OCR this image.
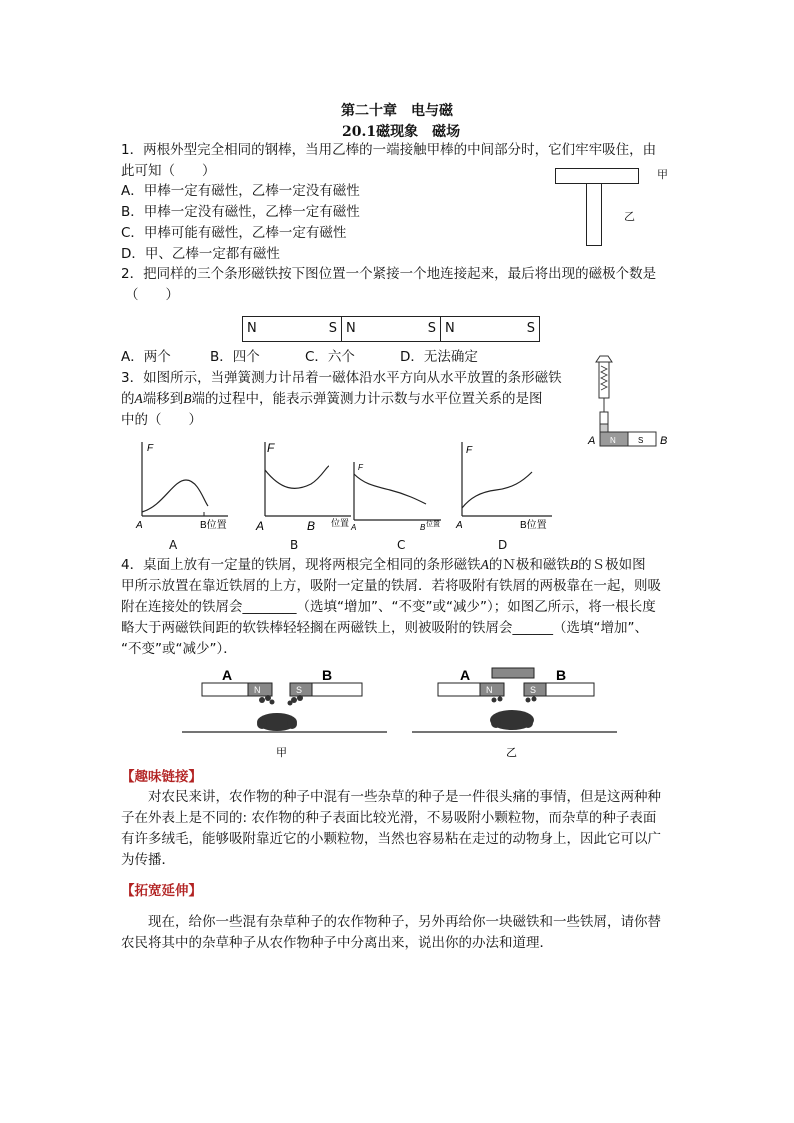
第二十章　电与磁
20.1磁现象　磁场
1．两根外型完全相同的钢棒，当用乙棒的一端接触甲棒的中间部分时，它们牢牢吸住，由
此可知（　　）
A．甲棒一定有磁性，乙棒一定没有磁性
B．甲棒一定没有磁性，乙棒一定有磁性
C．甲棒可能有磁性，乙棒一定有磁性
D．甲、乙棒一定都有磁性
甲
乙
2．把同样的三个条形磁铁按下图位置一个紧接一个地连接起来，最后将出现的磁极个数是
（　　）
N	S N	S N	S
A．两个	B．四个	C．六个	D．无法确定
3．如图所示，当弹簧测力计吊着一磁体沿水平方向从水平放置的条形磁铁
的A端移到B端的过程中，能表示弹簧测力计示数与水平位置关系的是图
中的（　　）
A N	S B
F
A	B位置
F
A	B 位置
F
A	B 位置
F
A	B位置
A	B	C	D
4．桌面上放有一定量的铁屑，现将两根完全相同的条形磁铁A的Ｎ极和磁铁B的Ｓ极如图
甲所示放置在靠近铁屑的上方，吸附一定量的铁屑．若将吸附有铁屑的两极靠在一起，则吸
附在连接处的铁屑会________（选填“增加”、“不变”或“减少”）；如图乙所示，将一根长度
略大于两磁铁间距的软铁棒轻轻搁在两磁铁上，则被吸附的铁屑会______（选填“增加”、
“不变”或“减少”）．
A	B
N	S
甲
A	B
N	S
乙
【趣味链接】
对农民来讲，农作物的种子中混有一些杂草的种子是一件很头痛的事情，但是这两种种
子在外表上是不同的: 农作物的种子表面比较光滑，不易吸附小颗粒物，而杂草的种子表面
有许多绒毛，能够吸附靠近它的小颗粒物，当然也容易粘在走过的动物身上，因此它可以广
为传播．
【拓宽延伸】
现在，给你一些混有杂草种子的农作物种子，另外再给你一块磁铁和一些铁屑，请你替
农民将其中的杂草种子从农作物种子中分离出来，说出你的办法和道理．
